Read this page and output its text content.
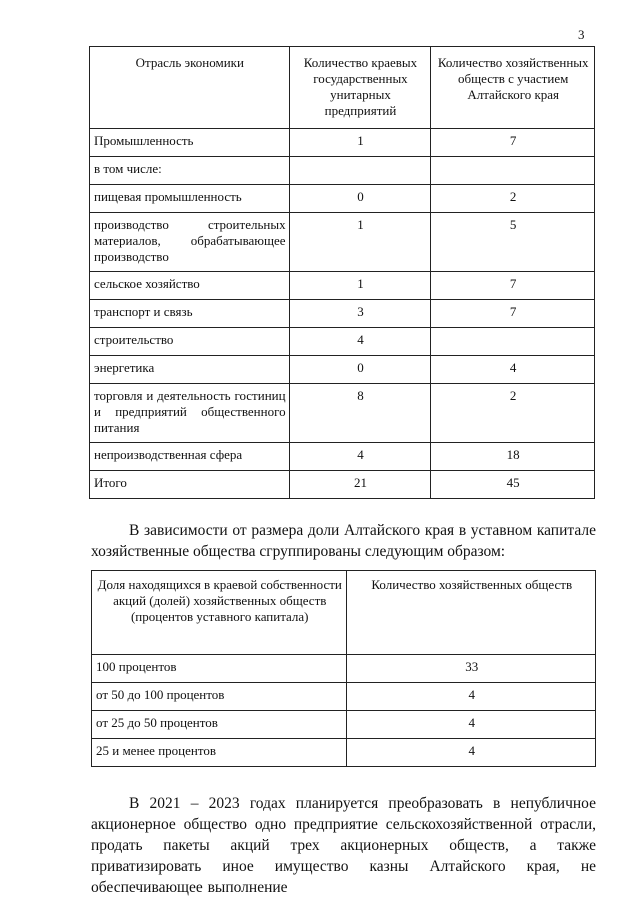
3
Отрасль экономики	Количество краевых государственных унитарных предприятий	Количество хозяйственных обществ с участием Алтайского края
Промышленность	1	7
в том числе:		
пищевая промышленность	0	2
производство строительных материалов, обрабатывающее производство	1	5
сельское хозяйство	1	7
транспорт и связь	3	7
строительство	4	
энергетика	0	4
торговля и деятельность гостиниц и предприятий общественного питания	8	2
непроизводственная сфера	4	18
Итого	21	45

В зависимости от размера доли Алтайского края в уставном капитале хозяйственные общества сгруппированы следующим образом:

Доля находящихся в краевой собственности акций (долей) хозяйственных обществ (процентов уставного капитала)	Количество хозяйственных обществ
100 процентов	33
от 50 до 100 процентов	4
от 25 до 50 процентов	4
25 и менее процентов	4

В 2021 – 2023 годах планируется преобразовать в непубличное акционерное общество одно предприятие сельскохозяйственной отрасли, продать пакеты акций трех акционерных обществ, а также приватизировать иное имущество казны Алтайского края, не обеспечивающее выполнение
